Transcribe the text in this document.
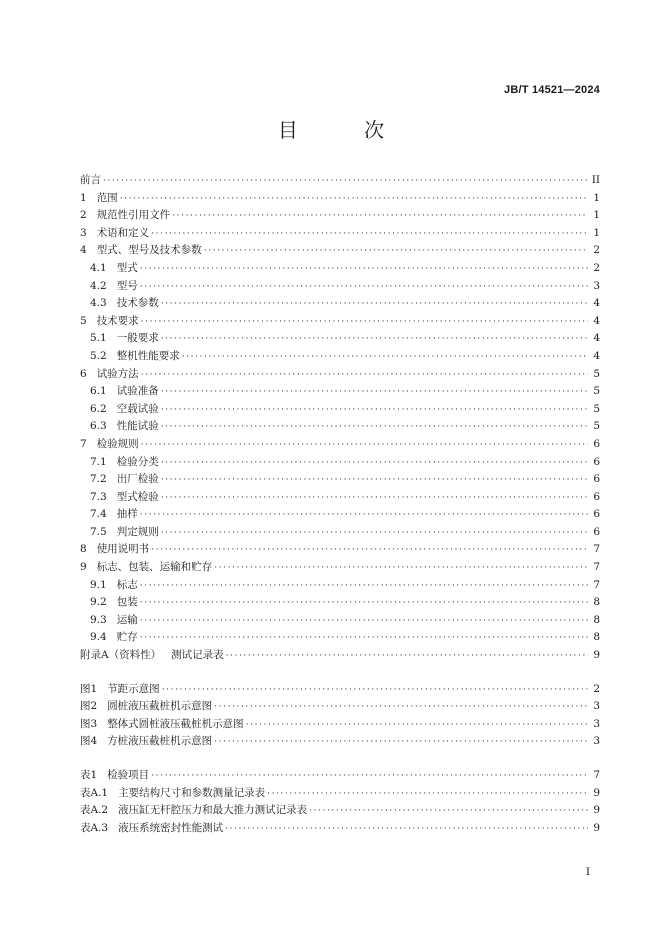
JB/T 14521—2024
目 次
前言 ·····	II
1 范围 ·····	1
2 规范性引用文件 ·····	1
3 术语和定义 ·····	1
4 型式、型号及技术参数 ·····	2
4.1 型式 ·····	2
4.2 型号 ·····	3
4.3 技术参数 ·····	4
5 技术要求 ·····	4
5.1 一般要求 ·····	4
5.2 整机性能要求 ·····	4
6 试验方法 ·····	5
6.1 试验准备 ·····	5
6.2 空载试验 ·····	5
6.3 性能试验 ·····	5
7 检验规则 ·····	6
7.1 检验分类 ·····	6
7.2 出厂检验 ·····	6
7.3 型式检验 ·····	6
7.4 抽样 ·····	6
7.5 判定规则 ·····	6
8 使用说明书 ·····	7
9 标志、包装、运输和贮存 ·····	7
9.1 标志 ·····	7
9.2 包装 ·····	8
9.3 运输 ·····	8
9.4 贮存 ·····	8
附录A（资料性） 测试记录表 ·····	9
图1 节距示意图 ·····	2
图2 圆桩液压截桩机示意图 ·····	3
图3 整体式圆桩液压截桩机示意图 ·····	3
图4 方桩液压截桩机示意图 ·····	3
表1 检验项目 ·····	7
表A.1 主要结构尺寸和参数测量记录表 ·····	9
表A.2 液压缸无杆腔压力和最大推力测试记录表 ·····	9
表A.3 液压系统密封性能测试 ·····	9
I
